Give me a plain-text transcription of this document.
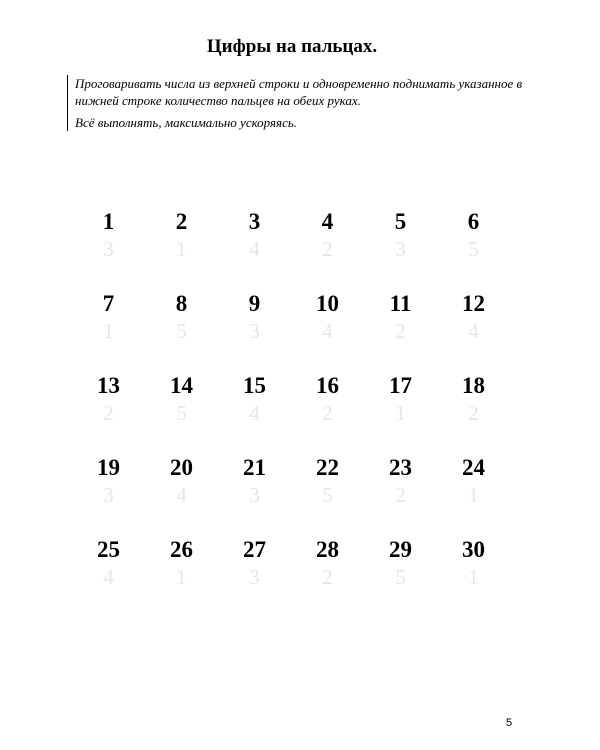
Цифры на пальцах.

Проговаривать числа из верхней строки и одновременно поднимать указанное в нижней строке количество пальцев на обеих руках.

Всё выполнять, максимально ускоряясь.

1
3
2
1
3
4
4
2
5
3
6
5
7
1
8
5
9
3
10
4
11
2
12
4
13
2
14
5
15
4
16
2
17
1
18
2
19
3
20
4
21
3
22
5
23
2
24
1
25
4
26
1
27
3
28
2
29
5
30
1
5
